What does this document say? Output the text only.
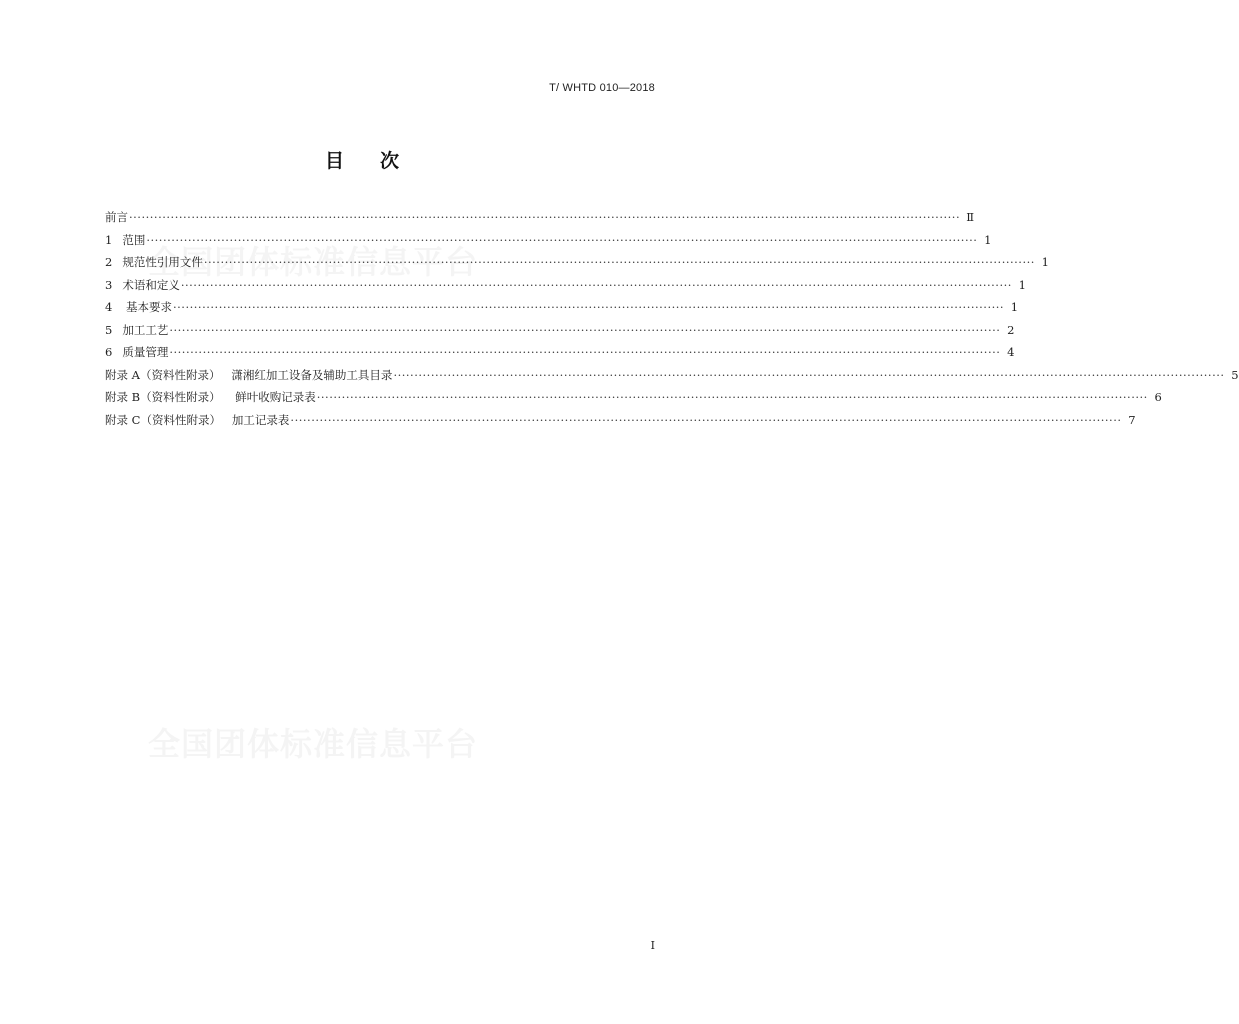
T/ WHTD 010—2018
目次
前言 ········································································································································································································ Ⅱ
1 范围 ········································································································································································································ 1
2 规范性引用文件 ········································································································································································································ 1
3 术语和定义 ········································································································································································································ 1
4 基本要求 ········································································································································································································ 1
5 加工工艺 ········································································································································································································ 2
6 质量管理 ········································································································································································································ 4
附录 A（资料性附录）   潇湘红加工设备及辅助工具目录 ········································································································································································································ 5
附录 B（资料性附录）    鲜叶收购记录表 ········································································································································································································ 6
附录 C（资料性附录）   加工记录表 ········································································································································································································ 7
I
